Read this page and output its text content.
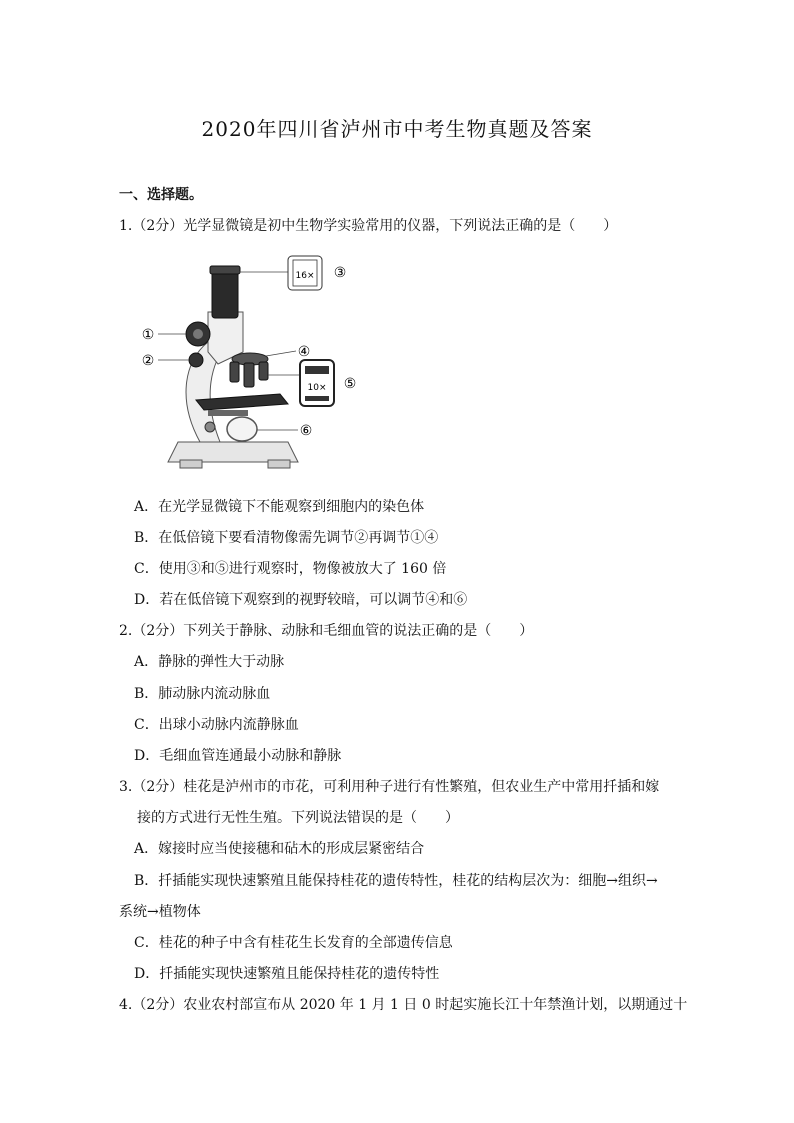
2020年四川省泸州市中考生物真题及答案
一、选择题。
1.（2分）光学显微镜是初中生物学实验常用的仪器，下列说法正确的是（　　）
16×
10×
①
②
③
④
⑤
⑥
A．在光学显微镜下不能观察到细胞内的染色体
B．在低倍镜下要看清物像需先调节②再调节①④
C．使用③和⑤进行观察时，物像被放大了 160 倍
D．若在低倍镜下观察到的视野较暗，可以调节④和⑥
2.（2分）下列关于静脉、动脉和毛细血管的说法正确的是（　　）
A．静脉的弹性大于动脉
B．肺动脉内流动脉血
C．出球小动脉内流静脉血
D．毛细血管连通最小动脉和静脉
3.（2分）桂花是泸州市的市花，可利用种子进行有性繁殖，但农业生产中常用扦插和嫁
接的方式进行无性生殖。下列说法错误的是（　　）
A．嫁接时应当使接穗和砧木的形成层紧密结合
B．扦插能实现快速繁殖且能保持桂花的遗传特性，桂花的结构层次为：细胞→组织→
系统→植物体
C．桂花的种子中含有桂花生长发育的全部遗传信息
D．扦插能实现快速繁殖且能保持桂花的遗传特性
4.（2分）农业农村部宣布从 2020 年 1 月 1 日 0 时起实施长江十年禁渔计划，以期通过十
